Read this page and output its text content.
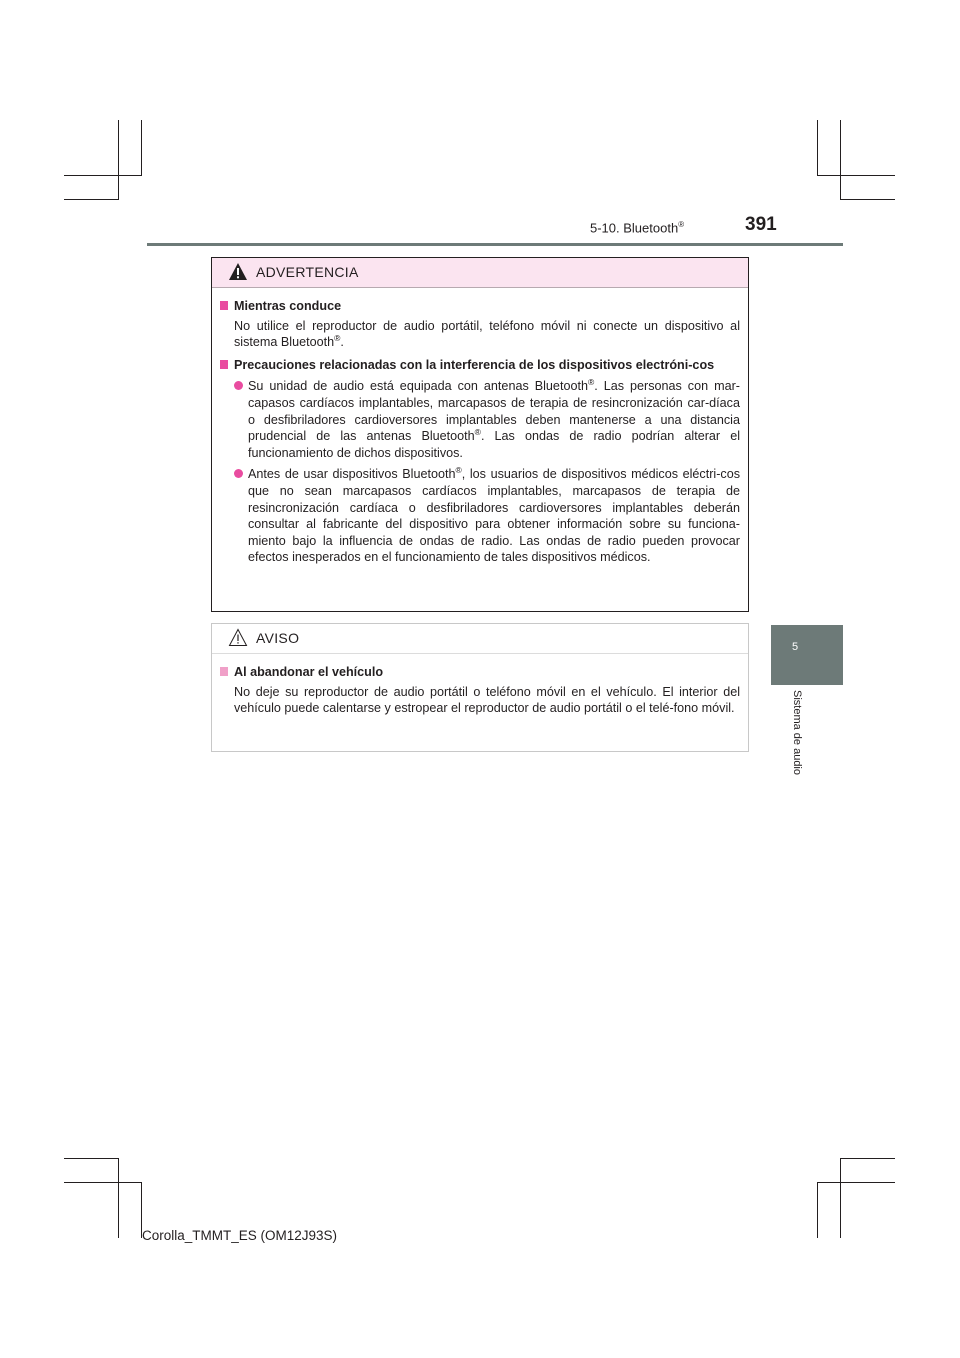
5-10. Bluetooth®	391
5
Sistema de audio
ADVERTENCIA
Mientras conduce
No utilice el reproductor de audio portátil, teléfono móvil ni conecte un dispositivo al sistema Bluetooth®.
Precauciones relacionadas con la interferencia de los dispositivos electróni-cos
Su unidad de audio está equipada con antenas Bluetooth®. Las personas con mar-capasos cardíacos implantables, marcapasos de terapia de resincronización car-díaca o desfibriladores cardioversores implantables deben mantenerse a una distancia prudencial de las antenas Bluetooth®. Las ondas de radio podrían alterar el funcionamiento de dichos dispositivos.
Antes de usar dispositivos Bluetooth®, los usuarios de dispositivos médicos eléctri-cos que no sean marcapasos cardíacos implantables, marcapasos de terapia de resincronización cardíaca o desfibriladores cardioversores implantables deberán consultar al fabricante del dispositivo para obtener información sobre su funciona-miento bajo la influencia de ondas de radio. Las ondas de radio pueden provocar efectos inesperados en el funcionamiento de tales dispositivos médicos.
AVISO
Al abandonar el vehículo
No deje su reproductor de audio portátil o teléfono móvil en el vehículo. El interior del vehículo puede calentarse y estropear el reproductor de audio portátil o el telé-fono móvil.
Corolla_TMMT_ES (OM12J93S)
